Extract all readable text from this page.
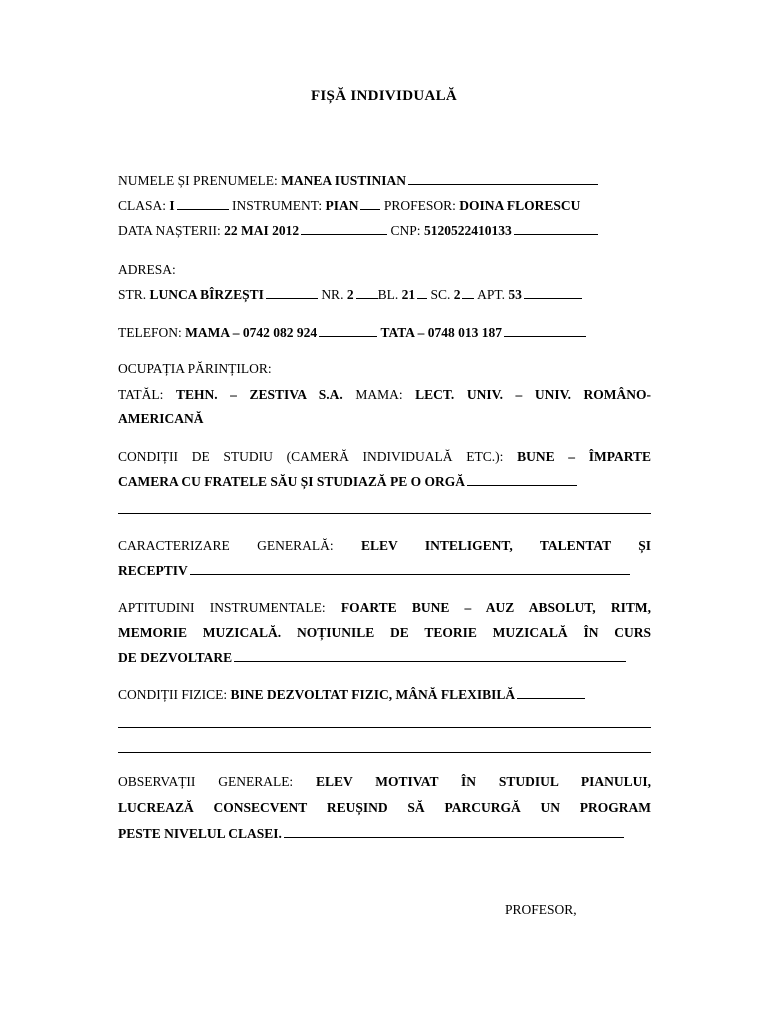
FIȘĂ INDIVIDUALĂ
NUMELE ȘI PRENUMELE: MANEA IUSTINIAN
CLASA: I	INSTRUMENT: PIAN PROFESOR: DOINA FLORESCU
DATA NAȘTERII: 22 MAI 2012	CNP: 5120522410133
ADRESA:
STR. LUNCA BÎRZEȘTI	NR. 2 BL. 21 SC. 2 APT. 53
TELEFON: MAMA – 0742 082 924	TATA – 0748 013 187
OCUPAȚIA PĂRINȚILOR:
TATĂL: TEHN. – ZESTIVA S.A. MAMA: LECT. UNIV. – UNIV. ROMÂNO-
AMERICANĂ
CONDIȚII DE STUDIU (CAMERĂ INDIVIDUALĂ ETC.): BUNE – ÎMPARTE
CAMERA CU FRATELE SĂU ȘI STUDIAZĂ PE O ORGĂ
CARACTERIZARE GENERALĂ: ELEV INTELIGENT, TALENTAT ȘI
RECEPTIV
APTITUDINI INSTRUMENTALE: FOARTE BUNE – AUZ ABSOLUT, RITM,
MEMORIE MUZICALĂ. NOȚIUNILE DE TEORIE MUZICALĂ ÎN CURS
DE DEZVOLTARE
CONDIȚII FIZICE: BINE DEZVOLTAT FIZIC, MÂNĂ FLEXIBILĂ
OBSERVAȚII GENERALE: ELEV MOTIVAT ÎN STUDIUL PIANULUI,
LUCREAZĂ CONSECVENT REUȘIND SĂ PARCURGĂ UN PROGRAM
PESTE NIVELUL CLASEI.
PROFESOR,
